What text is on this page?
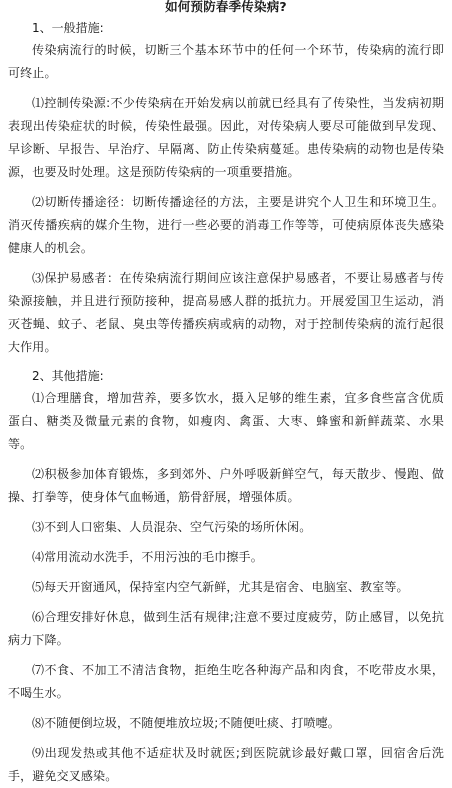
如何预防春季传染病?
1、一般措施:

传染病流行的时候，切断三个基本环节中的任何一个环节，传染病的流行即可终止。

⑴控制传染源:不少传染病在开始发病以前就已经具有了传染性，当发病初期表现出传染症状的时候，传染性最强。因此，对传染病人要尽可能做到早发现、早诊断、早报告、早治疗、早隔离、防止传染病蔓延。患传染病的动物也是传染源，也要及时处理。这是预防传染病的一项重要措施。

⑵切断传播途径：切断传播途径的方法，主要是讲究个人卫生和环境卫生。消灭传播疾病的媒介生物，进行一些必要的消毒工作等等，可使病原体丧失感染健康人的机会。

⑶保护易感者：在传染病流行期间应该注意保护易感者，不要让易感者与传染源接触，并且进行预防接种，提高易感人群的抵抗力。开展爱国卫生运动，消灭苍蝇、蚊子、老鼠、臭虫等传播疾病或病的动物，对于控制传染病的流行起很大作用。

2、其他措施:

⑴合理膳食，增加营养，要多饮水，摄入足够的维生素，宜多食些富含优质蛋白、糖类及微量元素的食物，如瘦肉、禽蛋、大枣、蜂蜜和新鲜蔬菜、水果等。

⑵积极参加体育锻炼，多到郊外、户外呼吸新鲜空气，每天散步、慢跑、做操、打拳等，使身体气血畅通，筋骨舒展，增强体质。

⑶不到人口密集、人员混杂、空气污染的场所休闲。

⑷常用流动水洗手，不用污浊的毛巾擦手。

⑸每天开窗通风，保持室内空气新鲜，尤其是宿舍、电脑室、教室等。

⑹合理安排好休息，做到生活有规律;注意不要过度疲劳，防止感冒，以免抗病力下降。

⑺不食、不加工不清洁食物，拒绝生吃各种海产品和肉食，不吃带皮水果，不喝生水。

⑻不随便倒垃圾，不随便堆放垃圾;不随便吐痰、打喷嚏。

⑼出现发热或其他不适症状及时就医;到医院就诊最好戴口罩，回宿舍后洗手，避免交叉感染。
